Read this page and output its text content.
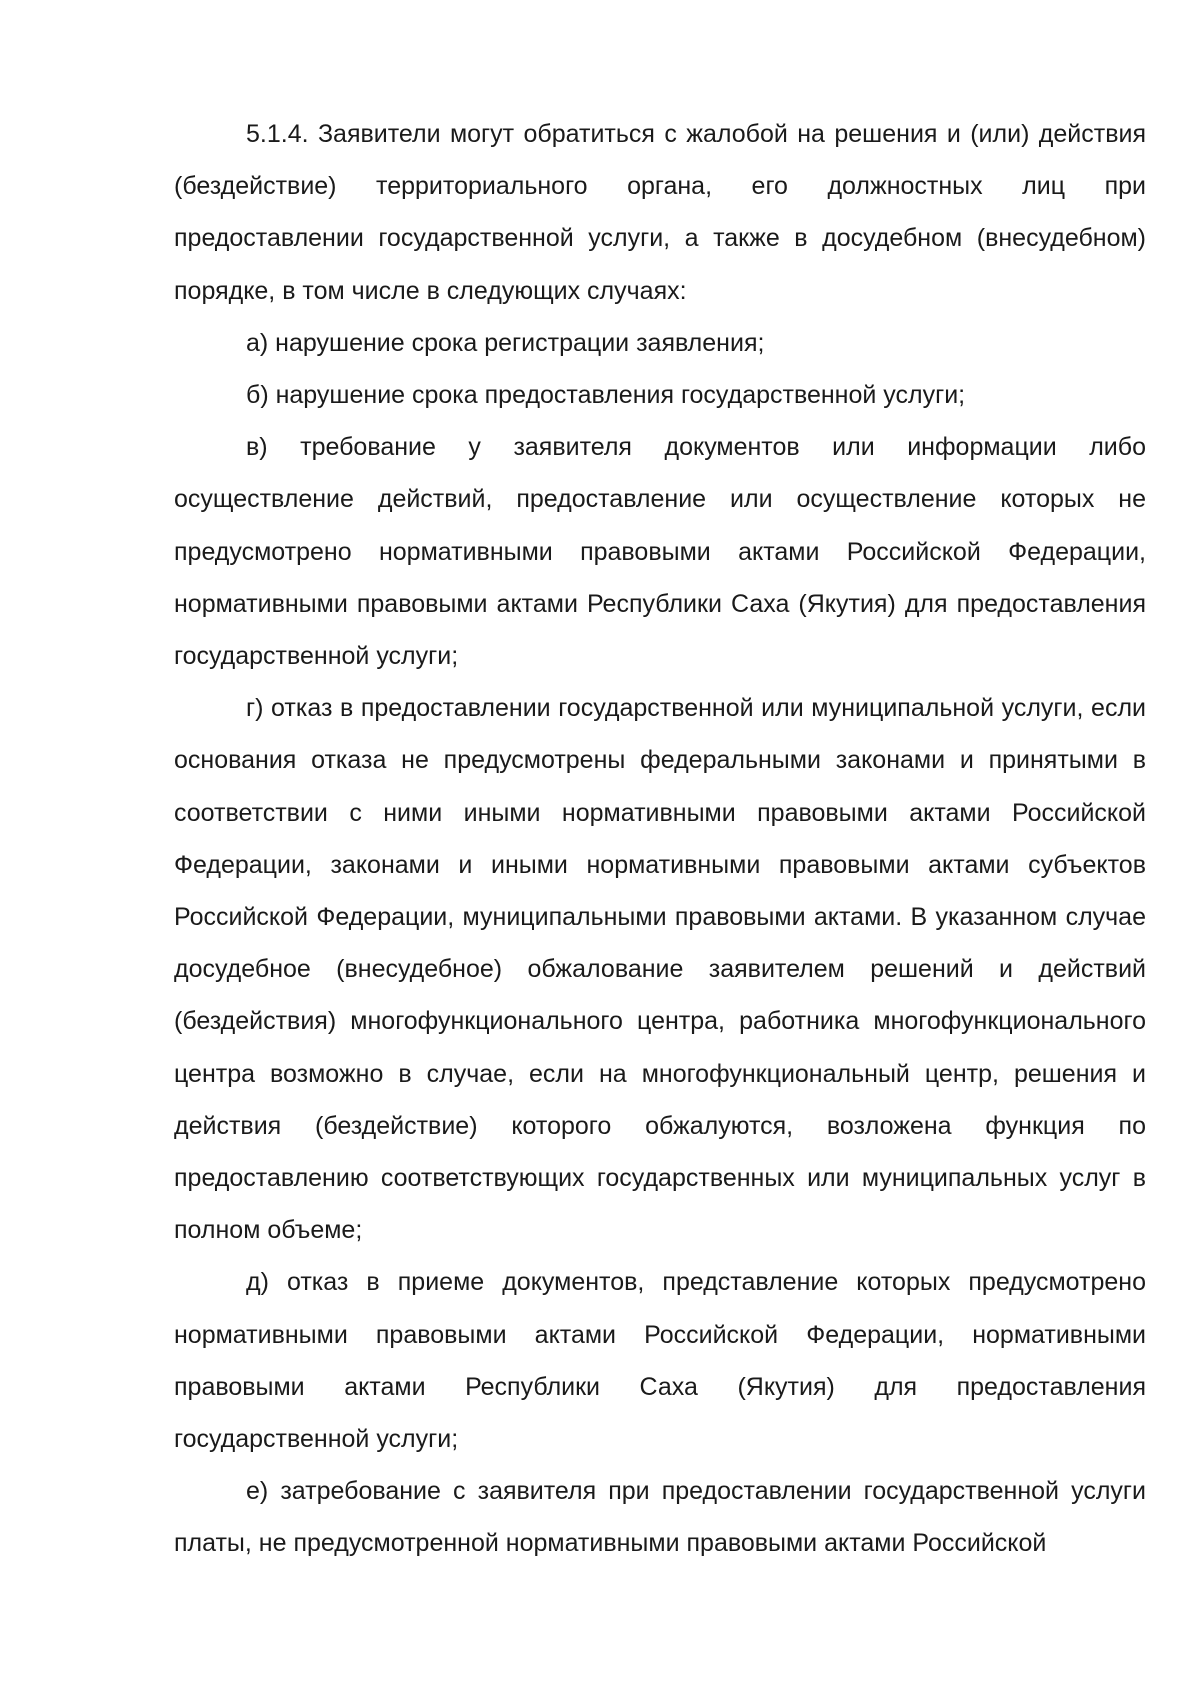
5.1.4. Заявители могут обратиться с жалобой на решения и (или) действия (бездействие) территориального органа, его должностных лиц при предоставлении государственной услуги, а также в досудебном (внесудебном) порядке, в том числе в следующих случаях:

а) нарушение срока регистрации заявления;

б) нарушение срока предоставления государственной услуги;

в) требование у заявителя документов или информации либо осуществление действий, предоставление или осуществление которых не предусмотрено нормативными правовыми актами Российской Федерации, нормативными правовыми актами Республики Саха (Якутия) для предоставления государственной услуги;

г) отказ в предоставлении государственной или муниципальной услуги, если основания отказа не предусмотрены федеральными законами и принятыми в соответствии с ними иными нормативными правовыми актами Российской Федерации, законами и иными нормативными правовыми актами субъектов Российской Федерации, муниципальными правовыми актами. В указанном случае досудебное (внесудебное) обжалование заявителем решений и действий (бездействия) многофункционального центра, работника многофункционального центра возможно в случае, если на многофункциональный центр, решения и действия (бездействие) которого обжалуются, возложена функция по предоставлению соответствующих государственных или муниципальных услуг в полном объеме;

д) отказ в приеме документов, представление которых предусмотрено нормативными правовыми актами Российской Федерации, нормативными правовыми актами Республики Саха (Якутия) для предоставления государственной услуги;

е) затребование с заявителя при предоставлении государственной услуги платы, не предусмотренной нормативными правовыми актами Российской
